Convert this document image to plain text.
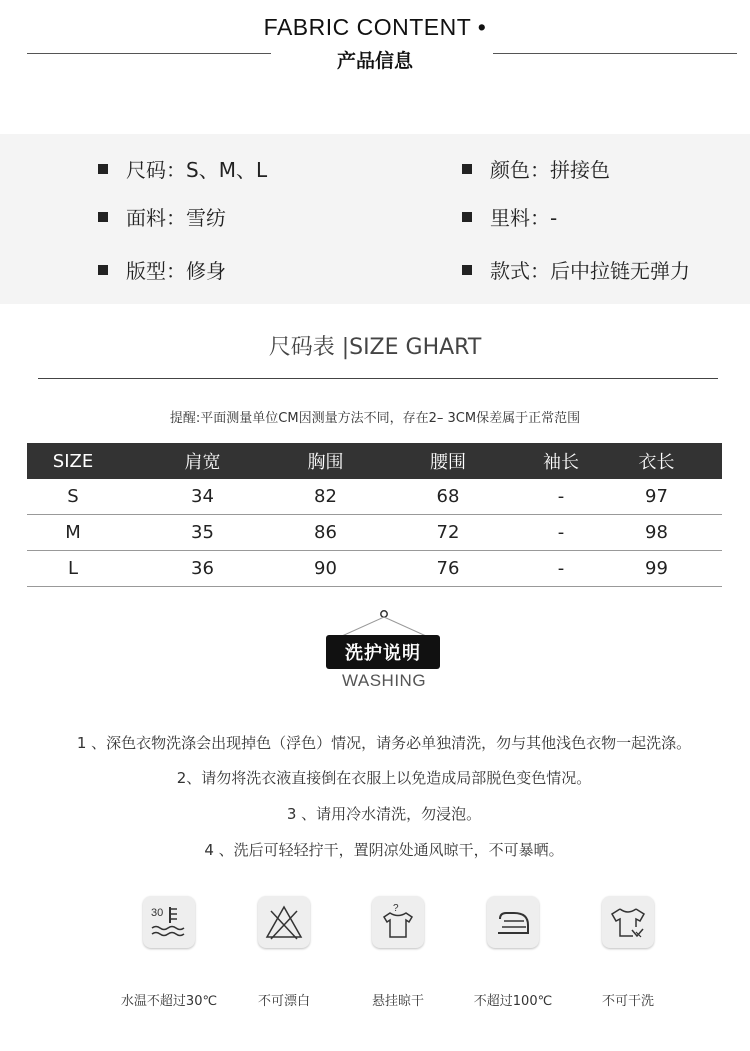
FABRIC CONTENT •
产品信息
尺码：S、M、L	颜色：拼接色
面料：雪纺	里料：-
版型：修身	款式：后中拉链无弹力
尺码表 |SIZE GHART
提醒:平面测量单位CM因测量方法不同，存在2– 3CM保差属于正常范围
SIZE	肩宽	胸围	腰围	袖长	衣长
S	34	82	68	-	97
M	35	86	72	-	98
L	36	90	76	-	99
洗护说明
WASHING
1 、深色衣物洗涤会出现掉色（浮色）情况，请务必单独清洗，勿与其他浅色衣物一起洗涤。
2、请勿将洗衣液直接倒在衣服上以免造成局部脱色变色情况。
3 、请用冷水清洗，勿浸泡。
4 、洗后可轻轻拧干，置阴凉处通风晾干，不可暴晒。
30	?
水温不超过30℃	不可漂白	悬挂晾干	不超过100℃	不可干洗
